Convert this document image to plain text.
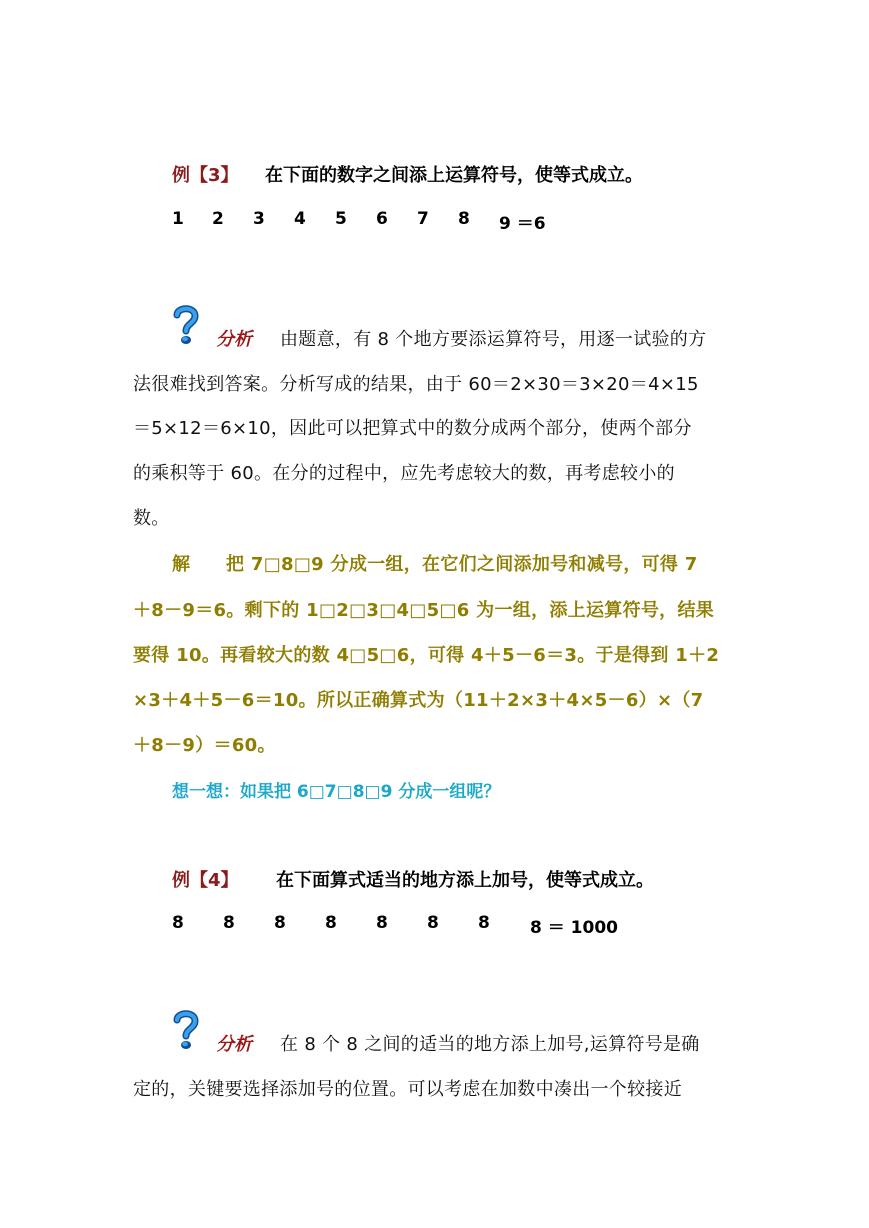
例【3】 在下面的数字之间添上运算符号，使等式成立。
1 2 3 4 5 6 7 8 9 ＝6
分析 由题意，有 8 个地方要添运算符号，用逐一试验的方
法很难找到答案。分析写成的结果，由于 60＝2×30＝3×20＝4×15
＝5×12＝6×10，因此可以把算式中的数分成两个部分，使两个部分
的乘积等于 60。在分的过程中，应先考虑较大的数，再考虑较小的
数。
解 把 7□8□9 分成一组，在它们之间添加号和减号，可得 7
＋8－9＝6。剩下的 1□2□3□4□5□6 为一组，添上运算符号，结果
要得 10。再看较大的数 4□5□6，可得 4＋5－6＝3。于是得到 1＋2
×3＋4＋5－6＝10。所以正确算式为（11＋2×3＋4×5－6）×（7
＋8－9）＝60。
想一想：如果把 6□7□8□9 分成一组呢？
例【4】 在下面算式适当的地方添上加号，使等式成立。
8 8 8 8 8 8 8 8 ＝ 1000
分析 在 8 个 8 之间的适当的地方添上加号,运算符号是确
定的，关键要选择添加号的位置。可以考虑在加数中凑出一个较接近
